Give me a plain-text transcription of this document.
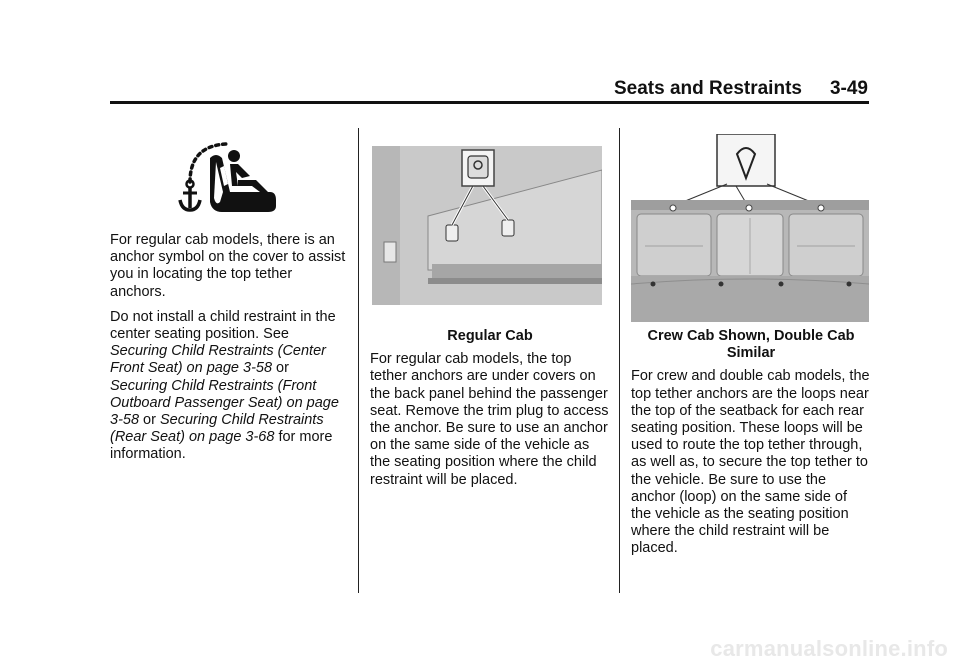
Seats and Restraints 3-49

For regular cab models, there is an anchor symbol on the cover to assist you in locating the top tether anchors.

Do not install a child restraint in the center seating position. See Securing Child Restraints (Center Front Seat) on page 3-58 or Securing Child Restraints (Front Outboard Passenger Seat) on page 3-58 or Securing Child Restraints (Rear Seat) on page 3-68 for more information.

Regular Cab

For regular cab models, the top tether anchors are under covers on the back panel behind the passenger seat. Remove the trim plug to access the anchor. Be sure to use an anchor on the same side of the vehicle as the seating position where the child restraint will be placed.

Crew Cab Shown, Double Cab Similar

For crew and double cab models, the top tether anchors are the loops near the top of the seatback for each rear seating position. These loops will be used to route the top tether through, as well as, to secure the top tether to the vehicle. Be sure to use the anchor (loop) on the same side of the vehicle as the seating position where the child restraint will be placed.

carmanualsonline.info
